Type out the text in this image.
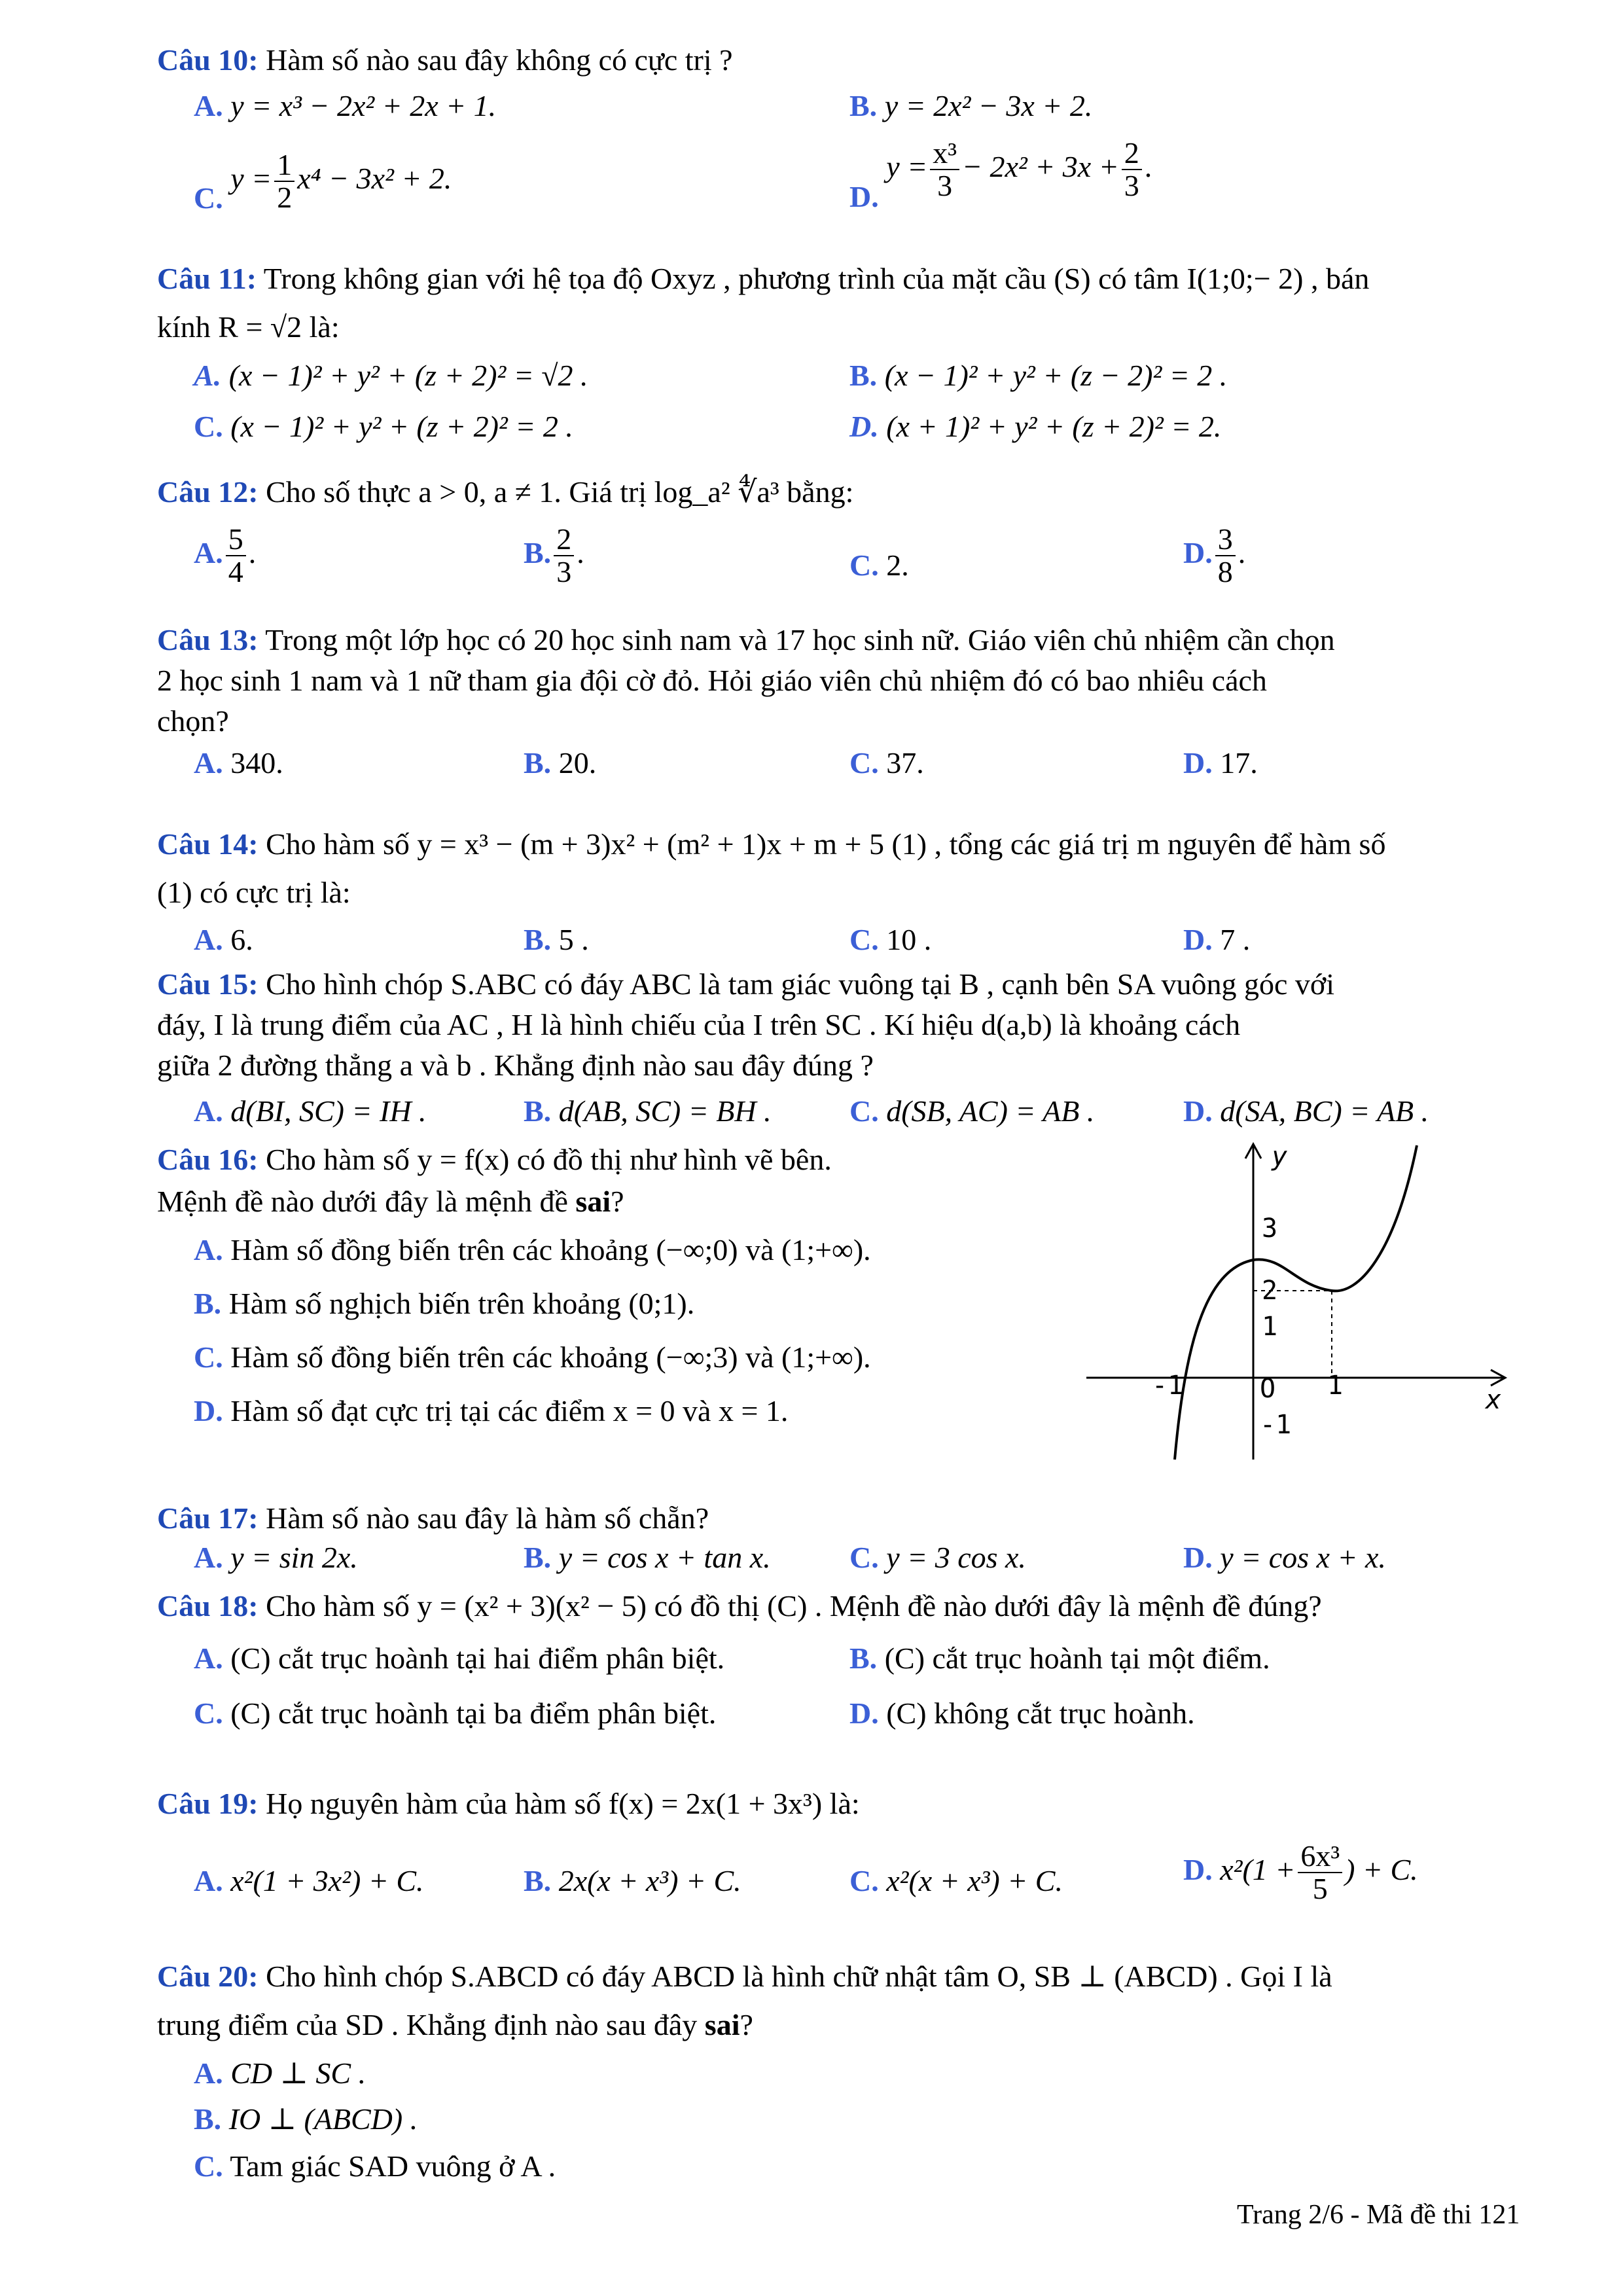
Câu 10: Hàm số nào sau đây không có cực trị ?
A. y = x³ − 2x² + 2x + 1.	B. y = 2x² − 3x + 2.
C. $y = \frac{1}{2} x^4 - 3x^2 + 2$.
D. $y = \frac{\text{x³}}{3} - 2x^2 + 3x + \frac{2}{3}$ .
Câu 11: Trong không gian với hệ tọa độ Oxyz , phương trình của mặt cầu (S) có tâm I(1;0;− 2) , bán
kính R = √2 là:
A. (x − 1)² + y² + (z + 2)² = √2 .	B. (x − 1)² + y² + (z − 2)² = 2 .
C. (x − 1)² + y² + (z + 2)² = 2 .	D. (x + 1)² + y² + (z + 2)² = 2.
Câu 12: Cho số thực a > 0, a ≠ 1. Giá trị log_a² ∜a³ bằng:
A. $\frac{5}{4}$ .	B. $\frac{2}{3}$ .	C. 2.	D. $\frac{3}{8}$ .
Câu 13: Trong một lớp học có 20 học sinh nam và 17 học sinh nữ. Giáo viên chủ nhiệm cần chọn
2 học sinh 1 nam và 1 nữ tham gia đội cờ đỏ. Hỏi giáo viên chủ nhiệm đó có bao nhiêu cách
chọn?
A. 340.	B. 20.	C. 37.	D. 17.
Câu 14: Cho hàm số y = x³ − (m + 3)x² + (m² + 1)x + m + 5 (1) , tổng các giá trị m nguyên để hàm số
(1) có cực trị là:
A. 6.	B. 5 .	C. 10 .	D. 7 .
Câu 15: Cho hình chóp S.ABC có đáy ABC là tam giác vuông tại B , cạnh bên SA vuông góc với
đáy, I là trung điểm của AC , H là hình chiếu của I trên SC . Kí hiệu d(a,b) là khoảng cách
giữa 2 đường thẳng a và b . Khẳng định nào sau đây đúng ?
A. d(BI, SC) = IH .	B. d(AB, SC) = BH .	C. d(SB, AC) = AB .	D. d(SA, BC) = AB .
Câu 16: Cho hàm số y = f(x) có đồ thị như hình vẽ bên.
Mệnh đề nào dưới đây là mệnh đề sai?
A. Hàm số đồng biến trên các khoảng (−∞;0) và (1;+∞).
B. Hàm số nghịch biến trên khoảng (0;1).
C. Hàm số đồng biến trên các khoảng (−∞;3) và (1;+∞).
D. Hàm số đạt cực trị tại các điểm x = 0 và x = 1.
y
x
O
3
2
1
-1
-1	1
Câu 17: Hàm số nào sau đây là hàm số chẵn?
A. y = sin 2x.	B. y = cos x + tan x.	C. y = 3 cos x.	D. y = cos x + x.
Câu 18: Cho hàm số y = (x² + 3)(x² − 5) có đồ thị (C) . Mệnh đề nào dưới đây là mệnh đề đúng?
A. (C) cắt trục hoành tại hai điểm phân biệt.	B. (C) cắt trục hoành tại một điểm.
C. (C) cắt trục hoành tại ba điểm phân biệt.	D. (C) không cắt trục hoành.
Câu 19: Họ nguyên hàm của hàm số f(x) = 2x(1 + 3x³) là:
A. x²(1 + 3x²) + C.	B. 2x(x + x³) + C.	C. x²(x + x³) + C.	D. $x^2(1 + \frac{\text{6x³}}{5}$ ) + C.
Câu 20: Cho hình chóp S.ABCD có đáy ABCD là hình chữ nhật tâm O, SB ⊥ (ABCD) . Gọi I là
trung điểm của SD . Khẳng định nào sau đây sai?
A. CD ⊥ SC .
B. IO ⊥ (ABCD) .
C. Tam giác SAD vuông ở A .
Trang 2/6 - Mã đề thi 121
